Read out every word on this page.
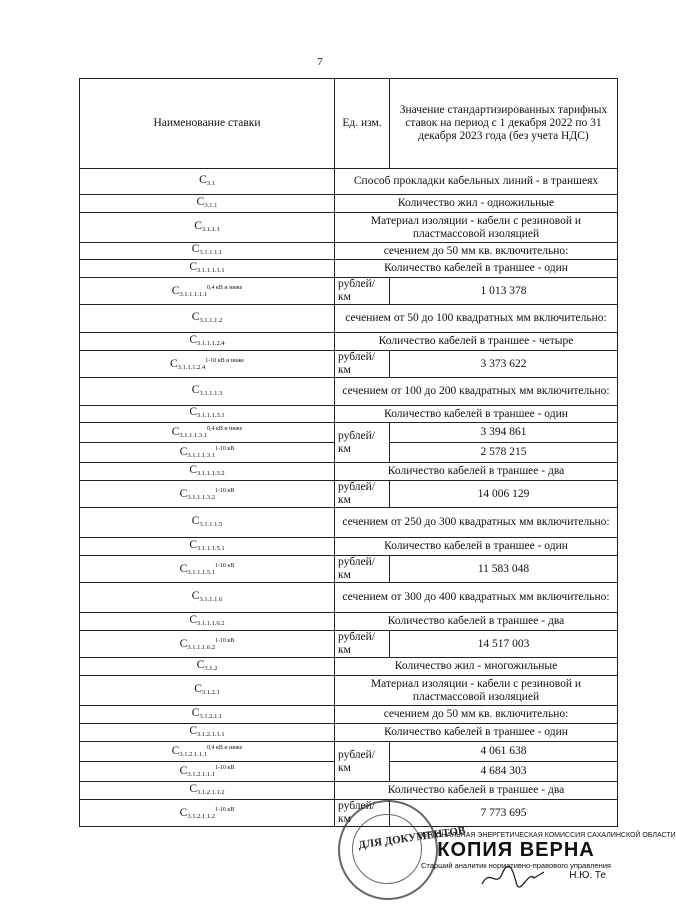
7
Наименование ставки	Ед. изм.	Значение стандартизированных тарифных ставок на период с 1 декабря 2022 по 31 декабря 2023 года (без учета НДС)
$С_{3.1}$	Способ прокладки кабельных линий - в траншеях	
$С_{3.1.1}$	Количество жил - одножильные	
$С_{3.1.1.1}$	Материал изоляции - кабели с резиновой и пластмассовой изоляцией	
$С_{3.1.1.1.1}$	сечением до 50 мм кв. включительно:	
$С_{3.1.1.1.1.1}$	Количество кабелей в траншее - один	
$С_{3.1.1.1.1.1}^{0,4 кВ и ниже}$	рублей/км	1 013 378
$С_{3.1.1.1.2}$	сечением от 50 до 100 квадратных мм включительно:	
$С_{3.1.1.1.2.4}$	Количество кабелей в траншее - четыре	
$С_{3.1.1.1.2.4}^{1-10 кВ и ниже}$	рублей/км	3 373 622
$С_{3.1.1.1.3}$	сечением от 100 до 200 квадратных мм включительно:	
$С_{3.1.1.1.3.1}$	Количество кабелей в траншее - один	
$С_{3.1.1.1.3.1}^{0,4 кВ и ниже}$	рублей/км	3 394 861
$С_{3.1.1.1.3.1}^{1-10 кВ}$		2 578 215
$С_{3.1.1.1.3.2}$	Количество кабелей в траншее - два	
$С_{3.1.1.1.3.2}^{1-10 кВ}$	рублей/км	14 006 129
$С_{3.1.1.1.5}$	сечением от 250 до 300 квадратных мм включительно:	
$С_{3.1.1.1.5.1}$	Количество кабелей в траншее - один	
$С_{3.1.1.1.5.1}^{1-10 кВ}$	рублей/км	11 583 048
$С_{3.1.1.1.6}$	сечением от 300 до 400 квадратных мм включительно:	
$С_{3.1.1.1.6.2}$	Количество кабелей в траншее - два	
$С_{3.1.1.1.6.2}^{1-10 кВ}$	рублей/км	14 517 003
$С_{3.1.2}$	Количество жил - многожильные	
$С_{3.1.2.1}$	Материал изоляции - кабели с резиновой и пластмассовой изоляцией	
$С_{3.1.2.1.1}$	сечением до 50 мм кв. включительно:	
$С_{3.1.2.1.1.1}$	Количество кабелей в траншее - один	
$С_{3.1.2.1.1.1}^{0,4 кВ и ниже}$	рублей/км	4 061 638
$С_{3.1.2.1.1.1}^{1-10 кВ}$		4 684 303
$С_{3.1.2.1.1.2}$	Количество кабелей в траншее - два	
$С_{3.1.2.1.1.2}^{1-10 кВ}$	рублей/км	7 773 695
ДЛЯ ДОКУМЕНТОВ
РЕГИОНАЛЬНАЯ ЭНЕРГЕТИЧЕСКАЯ КОМИССИЯ САХАЛИНСКОЙ ОБЛАСТИ
КОПИЯ ВЕРНА
Старший аналитик нормативно-правового управления
Н.Ю. Те
